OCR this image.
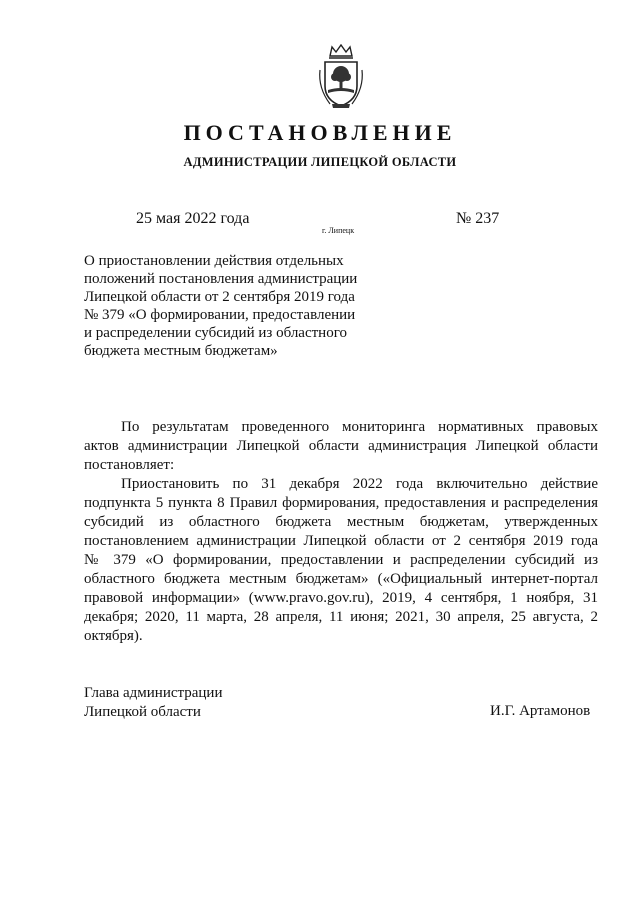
ПОСТАНОВЛЕНИЕ
АДМИНИСТРАЦИИ ЛИПЕЦКОЙ ОБЛАСТИ
25 мая 2022 года
г. Липецк
№ 237
О приостановлении действия отдельных
положений постановления администрации
Липецкой области от 2 сентября 2019 года
№ 379 «О формировании, предоставлении
и распределении субсидий из областного
бюджета местным бюджетам»
По результатам проведенного мониторинга нормативных правовых
актов администрации Липецкой области администрация Липецкой области
постановляет:
Приостановить по 31 декабря 2022 года включительно действие
подпункта 5 пункта 8 Правил формирования, предоставления и распределения
субсидий из областного бюджета местным бюджетам, утвержденных
постановлением администрации Липецкой области от 2 сентября 2019 года
№ 379 «О формировании, предоставлении и распределении субсидий из
областного бюджета местным бюджетам» («Официальный интернет-портал
правовой информации» (www.pravo.gov.ru), 2019, 4 сентября, 1 ноября, 31
декабря; 2020, 11 марта, 28 апреля, 11 июня; 2021, 30 апреля, 25 августа, 2
октября).
Глава администрации
Липецкой области	И.Г. Артамонов
